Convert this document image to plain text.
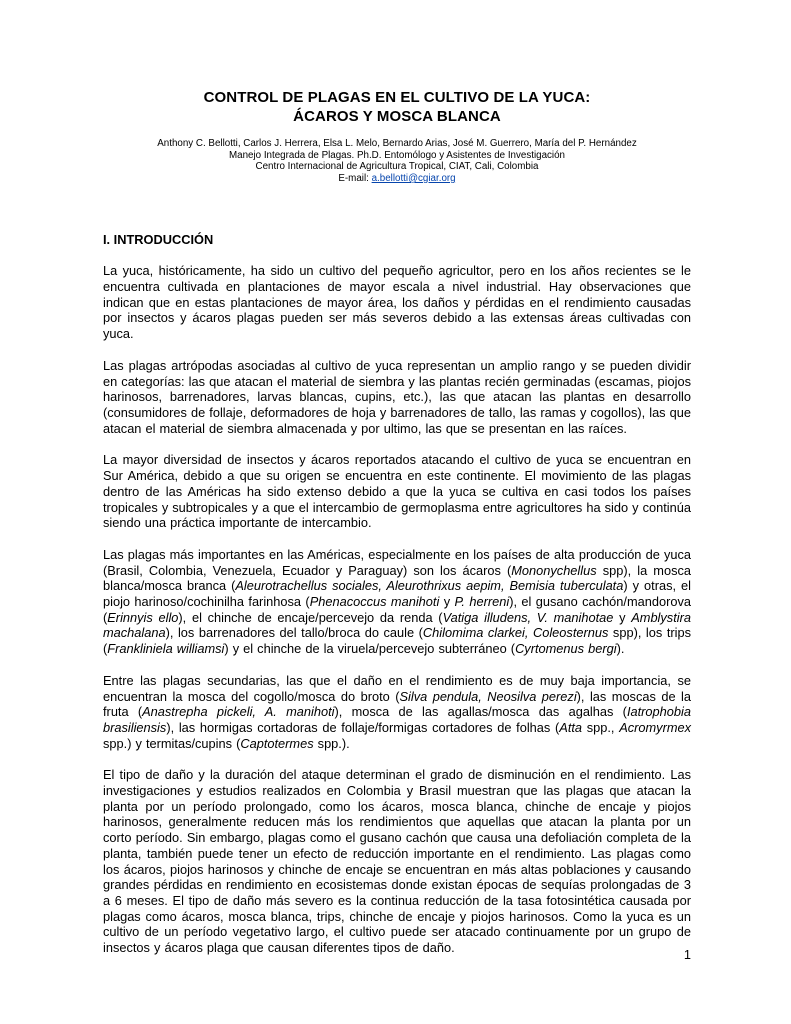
CONTROL DE PLAGAS EN EL CULTIVO DE LA YUCA:
ÁCAROS Y MOSCA BLANCA
Anthony C. Bellotti, Carlos J. Herrera, Elsa L. Melo, Bernardo Arias, José M. Guerrero, María del P. Hernández
Manejo Integrada de Plagas. Ph.D. Entomólogo y Asistentes de Investigación
Centro Internacional de Agricultura Tropical, CIAT, Cali, Colombia
E-mail: a.bellotti@cgiar.org
I. INTRODUCCIÓN

La yuca, históricamente, ha sido un cultivo del pequeño agricultor, pero en los años recientes se le encuentra cultivada en plantaciones de mayor escala a nivel industrial. Hay observaciones que indican que en estas plantaciones de mayor área, los daños y pérdidas en el rendimiento causadas por insectos y ácaros plagas pueden ser más severos debido a las extensas áreas cultivadas con yuca.

Las plagas artrópodas asociadas al cultivo de yuca representan un amplio rango y se pueden dividir en categorías: las que atacan el material de siembra y las plantas recién germinadas (escamas, piojos harinosos, barrenadores, larvas blancas, cupins, etc.), las que atacan las plantas en desarrollo (consumidores de follaje, deformadores de hoja y barrenadores de tallo, las ramas y cogollos), las que atacan el material de siembra almacenada y por ultimo, las que se presentan en las raíces.

La mayor diversidad de insectos y ácaros reportados atacando el cultivo de yuca se encuentran en Sur América, debido a que su origen se encuentra en este continente. El movimiento de las plagas dentro de las Américas ha sido extenso debido a que la yuca se cultiva en casi todos los países tropicales y subtropicales y a que el intercambio de germoplasma entre agricultores ha sido y continúa siendo una práctica importante de intercambio.

Las plagas más importantes en las Américas, especialmente en los países de alta producción de yuca (Brasil, Colombia, Venezuela, Ecuador y Paraguay) son los ácaros (Mononychellus spp), la mosca blanca/mosca branca (Aleurotrachellus sociales, Aleurothrixus aepim, Bemisia tuberculata) y otras, el piojo harinoso/cochinilha farinhosa (Phenacoccus manihoti y P. herreni), el gusano cachón/mandorova (Erinnyis ello), el chinche de encaje/percevejo da renda (Vatiga illudens, V. manihotae y Amblystira machalana), los barrenadores del tallo/broca do caule (Chilomima clarkei, Coleosternus spp), los trips (Frankliniela williamsi) y el chinche de la viruela/percevejo subterráneo (Cyrtomenus bergi).

Entre las plagas secundarias, las que el daño en el rendimiento es de muy baja importancia, se encuentran la mosca del cogollo/mosca do broto (Silva pendula, Neosilva perezi), las moscas de la fruta (Anastrepha pickeli, A. manihoti), mosca de las agallas/mosca das agalhas (Iatrophobia brasiliensis), las hormigas cortadoras de follaje/formigas cortadores de folhas (Atta spp., Acromyrmex spp.) y termitas/cupins (Captotermes spp.).

El tipo de daño y la duración del ataque determinan el grado de disminución en el rendimiento. Las investigaciones y estudios realizados en Colombia y Brasil muestran que las plagas que atacan la planta por un período prolongado, como los ácaros, mosca blanca, chinche de encaje y piojos harinosos, generalmente reducen más los rendimientos que aquellas que atacan la planta por un corto período. Sin embargo, plagas como el gusano cachón que causa una defoliación completa de la planta, también puede tener un efecto de reducción importante en el rendimiento. Las plagas como los ácaros, piojos harinosos y chinche de encaje se encuentran en más altas poblaciones y causando grandes pérdidas en rendimiento en ecosistemas donde existan épocas de sequías prolongadas de 3 a 6 meses. El tipo de daño más severo es la continua reducción de la tasa fotosintética causada por plagas como ácaros, mosca blanca, trips, chinche de encaje y piojos harinosos. Como la yuca es un cultivo de un período vegetativo largo, el cultivo puede ser atacado continuamente por un grupo de insectos y ácaros plaga que causan diferentes tipos de daño.	1
